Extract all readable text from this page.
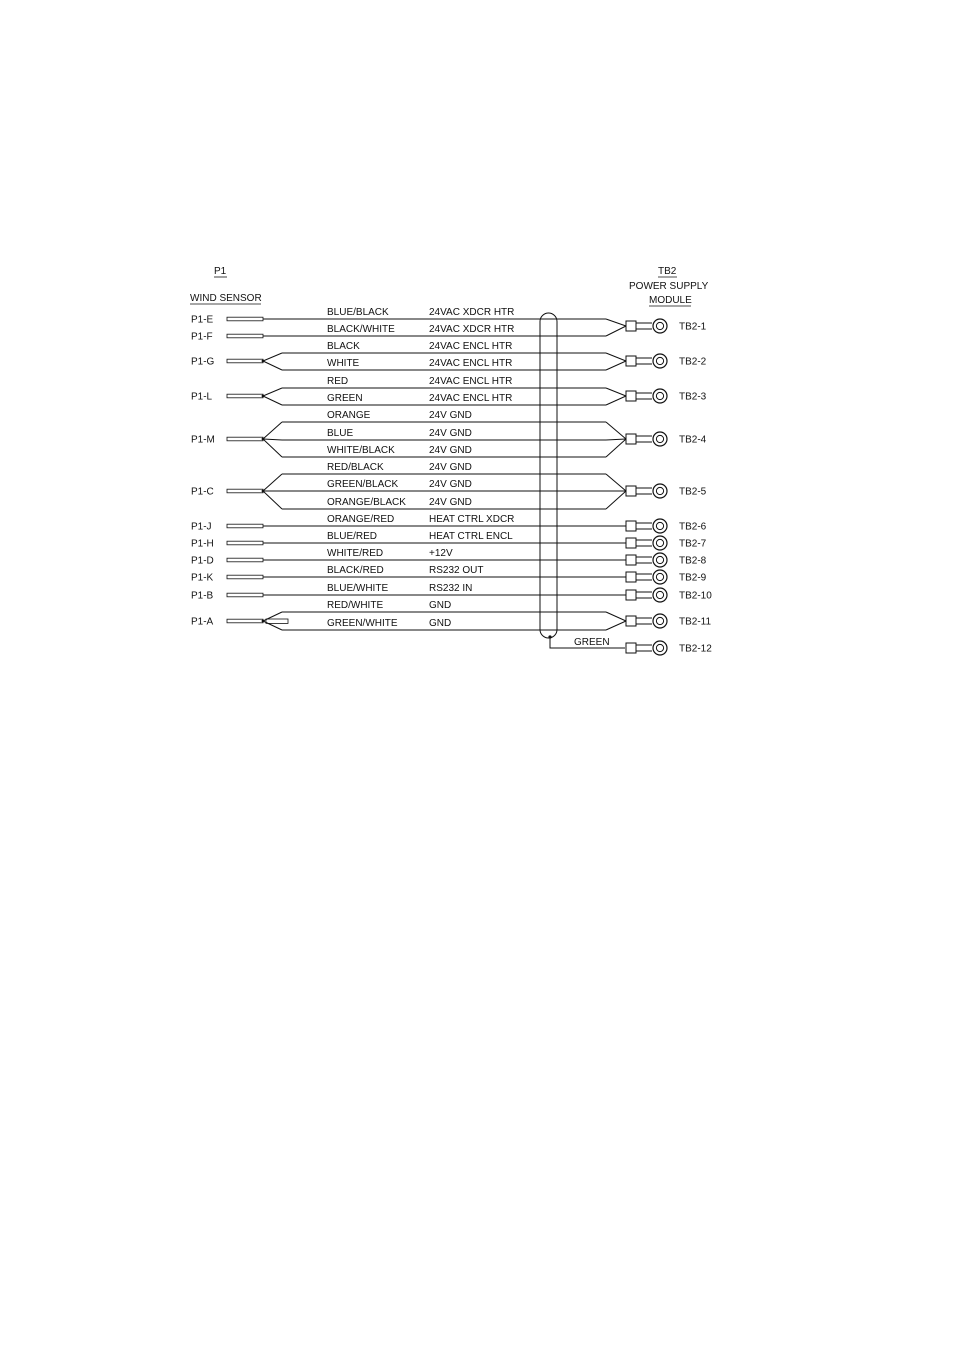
P1
WIND SENSOR
TB2
POWER SUPPLY
MODULE
GREEN
P1-E
P1-F
P1-G
P1-L
P1-M
P1-C
P1-J
P1-H
P1-D
P1-K
P1-B
P1-A
BLUE/BLACK	24VAC XDCR HTR
BLACK/WHITE	24VAC XDCR HTR
BLACK	24VAC ENCL HTR
WHITE	24VAC ENCL HTR
RED	24VAC ENCL HTR
GREEN	24VAC ENCL HTR
ORANGE	24V GND
BLUE	24V GND
WHITE/BLACK	24V GND
RED/BLACK	24V GND
GREEN/BLACK	24V GND
ORANGE/BLACK 24V GND
ORANGE/RED	HEAT CTRL XDCR
BLUE/RED	HEAT CTRL ENCL
WHITE/RED	+12V
BLACK/RED	RS232 OUT
BLUE/WHITE	RS232 IN
RED/WHITE	GND
GREEN/WHITE	GND
TB2-1
TB2-2
TB2-3
TB2-4
TB2-5
TB2-6
TB2-7
TB2-8
TB2-9
TB2-10
TB2-11
TB2-12
